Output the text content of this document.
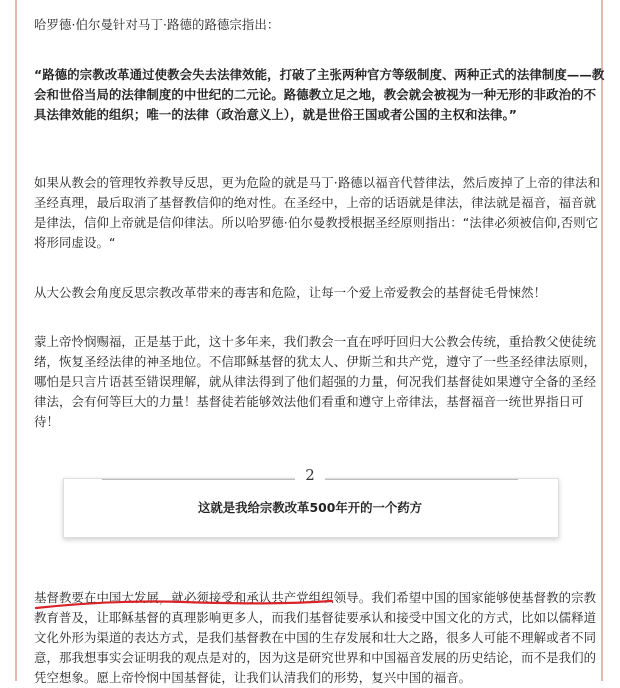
哈罗德·伯尔曼针对马丁·路德的路德宗指出：

“路德的宗教改革通过使教会失去法律效能，打破了主张两种官方等级制度、两种正式的法律制度——教会和世俗当局的法律制度的中世纪的二元论。路德教立足之地，教会就会被视为一种无形的非政治的不具法律效能的组织；唯一的法律（政治意义上），就是世俗王国或者公国的主权和法律。”

如果从教会的管理牧养教导反思，更为危险的就是马丁·路德以福音代替律法，然后废掉了上帝的律法和圣经真理，最后取消了基督教信仰的绝对性。在圣经中，上帝的话语就是律法，律法就是福音，福音就是律法，信仰上帝就是信仰律法。所以哈罗德·伯尔曼教授根据圣经原则指出：“法律必须被信仰,否则它将形同虚设。“

从大公教会角度反思宗教改革带来的毒害和危险，让每一个爱上帝爱教会的基督徒毛骨悚然！

蒙上帝怜悯赐福，正是基于此，这十多年来，我们教会一直在呼吁回归大公教会传统，重拾教父使徒统绪，恢复圣经法律的神圣地位。不信耶稣基督的犹太人、伊斯兰和共产党，遵守了一些圣经律法原则，哪怕是只言片语甚至错误理解，就从律法得到了他们超强的力量，何况我们基督徒如果遵守全备的圣经律法，会有何等巨大的力量！基督徒若能够效法他们看重和遵守上帝律法，基督福音一统世界指日可待！

2
这就是我给宗教改革500年开的一个药方

基督教要在中国大发展，就必须接受和承认共产党组织领导。我们希望中国的国家能够使基督教的宗教教育普及，让耶稣基督的真理影响更多人，而我们基督徒要承认和接受中国文化的方式，比如以儒释道文化外形为渠道的表达方式，是我们基督教在中国的生存发展和壮大之路，很多人可能不理解或者不同意，那我想事实会证明我的观点是对的，因为这是研究世界和中国福音发展的历史结论，而不是我们的凭空想象。愿上帝怜悯中国基督徒，让我们认清我们的形势，复兴中国的福音。
